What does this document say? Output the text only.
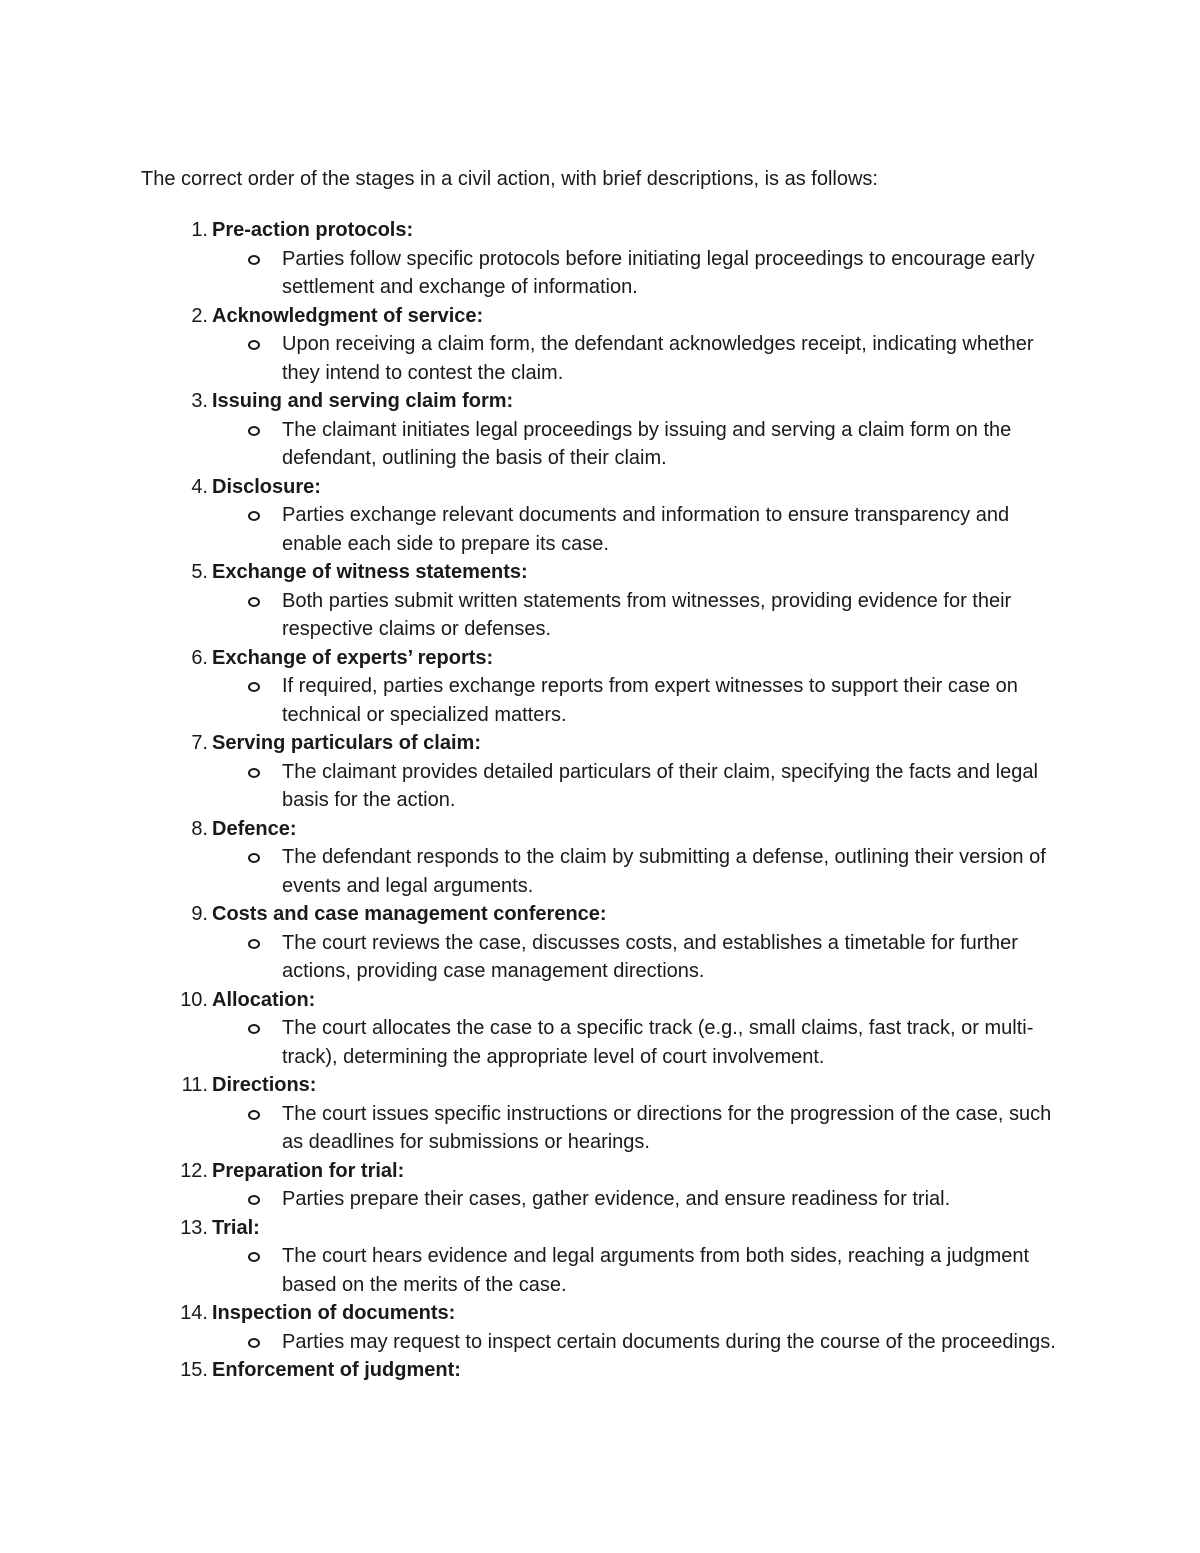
The correct order of the stages in a civil action, with brief descriptions, is as follows:
1. Pre-action protocols:
Parties follow specific protocols before initiating legal proceedings to encourage early settlement and exchange of information.
2. Acknowledgment of service:
Upon receiving a claim form, the defendant acknowledges receipt, indicating whether they intend to contest the claim.
3. Issuing and serving claim form:
The claimant initiates legal proceedings by issuing and serving a claim form on the defendant, outlining the basis of their claim.
4. Disclosure:
Parties exchange relevant documents and information to ensure transparency and enable each side to prepare its case.
5. Exchange of witness statements:
Both parties submit written statements from witnesses, providing evidence for their respective claims or defenses.
6. Exchange of experts’ reports:
If required, parties exchange reports from expert witnesses to support their case on technical or specialized matters.
7. Serving particulars of claim:
The claimant provides detailed particulars of their claim, specifying the facts and legal basis for the action.
8. Defence:
The defendant responds to the claim by submitting a defense, outlining their version of events and legal arguments.
9. Costs and case management conference:
The court reviews the case, discusses costs, and establishes a timetable for further actions, providing case management directions.
10. Allocation:
The court allocates the case to a specific track (e.g., small claims, fast track, or multi-track), determining the appropriate level of court involvement.
11. Directions:
The court issues specific instructions or directions for the progression of the case, such as deadlines for submissions or hearings.
12. Preparation for trial:
Parties prepare their cases, gather evidence, and ensure readiness for trial.
13. Trial:
The court hears evidence and legal arguments from both sides, reaching a judgment based on the merits of the case.
14. Inspection of documents:
Parties may request to inspect certain documents during the course of the proceedings.
15. Enforcement of judgment:
